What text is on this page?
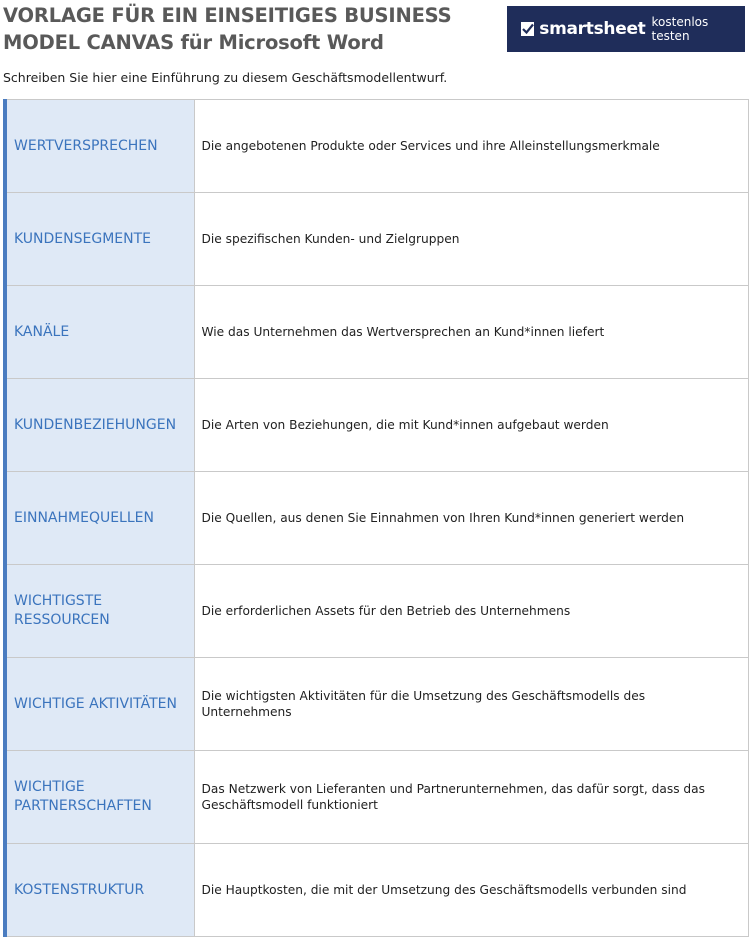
VORLAGE FÜR EIN EINSEITIGES BUSINESS
MODEL CANVAS für Microsoft Word
smartsheet kostenlos testen
Schreiben Sie hier eine Einführung zu diesem Geschäftsmodellentwurf.
WERTVERSPRECHEN	Die angebotenen Produkte oder Services und ihre Alleinstellungsmerkmale
KUNDENSEGMENTE	Die spezifischen Kunden- und Zielgruppen
KANÄLE	Wie das Unternehmen das Wertversprechen an Kund*innen liefert
KUNDENBEZIEHUNGEN	Die Arten von Beziehungen, die mit Kund*innen aufgebaut werden
EINNAHMEQUELLEN	Die Quellen, aus denen Sie Einnahmen von Ihren Kund*innen generiert werden
WICHTIGSTE RESSOURCEN	Die erforderlichen Assets für den Betrieb des Unternehmens
WICHTIGE AKTIVITÄTEN	Die wichtigsten Aktivitäten für die Umsetzung des Geschäftsmodells des Unternehmens
WICHTIGE PARTNERSCHAFTEN	Das Netzwerk von Lieferanten und Partnerunternehmen, das dafür sorgt, dass das Geschäftsmodell funktioniert
KOSTENSTRUKTUR	Die Hauptkosten, die mit der Umsetzung des Geschäftsmodells verbunden sind
